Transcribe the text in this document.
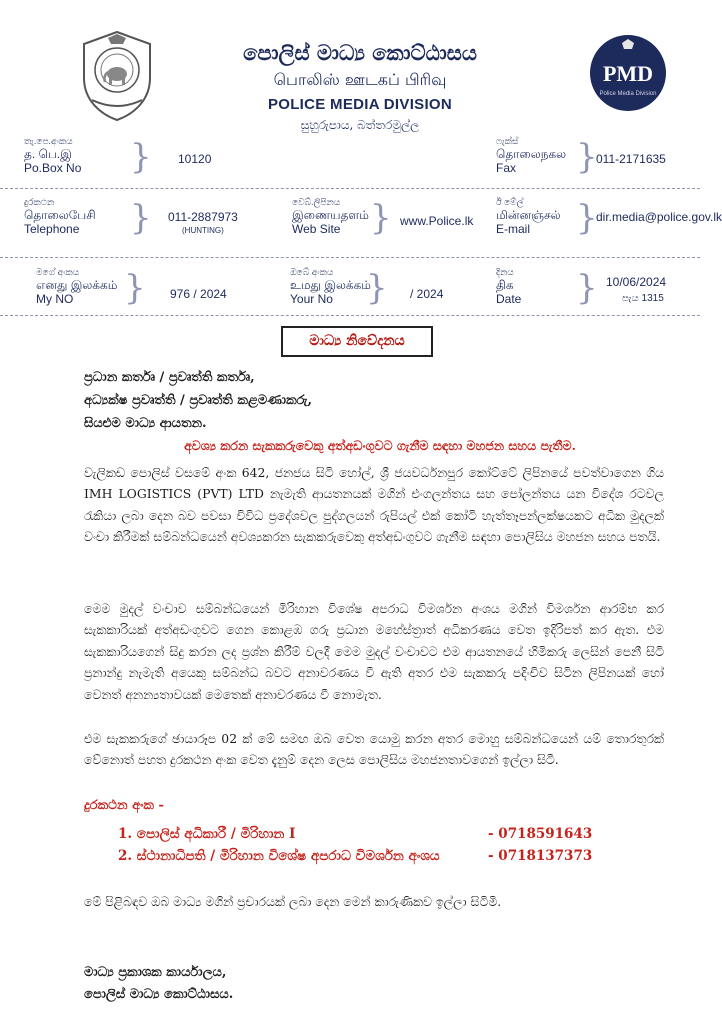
පොලිස් මාධ්‍ය කොට්ඨාසය
பொலிஸ் ஊடகப் பிரிவு
POLICE MEDIA DIVISION
සුහුරුපාය, බත්තරමුල්ල
PMD
Police Media Division
තැ.පෙ.අංකය
த. பெ.இ
Po.Box No } 10120
ෆැක්ස්
தொலைநகல
Fax	}
011-2171635
දුරකථන
தொலைபேசி
Telephone	} 011-2887973
(HUNTING)
වෙබ්.ලිපිනය
இணையதளம்
Web Site } www.Police.lk
ඊ මේල්
மின்னஞ்சல்
E-mail	}
dir.media@police.gov.lk
මගේ අංකය
எனது இலக்கம்
My NO	} 976 / 2024
ඔබේ අංකය
உமது இலக்கம்
Your No } / 2024
දිනය
திக
Date } 10/06/2024
පැය 1315
මාධ්‍ය නිවේදනය
ප්‍රධාන කර්තෘ / ප්‍රවෘත්ති කර්තෘ,
අධ්‍යක්ෂ ප්‍රවෘත්ති / ප්‍රවෘත්ති කළමණාකරු,
සියළුම මාධ්‍ය ආයතන.
අවශ්‍ය කරන සැකකරුවෙකු අත්අඩංගුවට ගැනීම සඳහා මහජන සහය පැතීම.
වැලිකඩ පොලිස් වසමේ අංක 642, ජනජය සිටි හෝල්, ශ්‍රී ජයවර්ධනපුර කෝට්ටේ ලිපිනයේ පවත්වාගෙන ගිය IMH LOGISTICS (PVT) LTD නැමැති ආයතනයක් මගින් එංගලන්තය සහ පෝලන්තය යන විදේශ රටවල රැකියා ලබා දෙන බව පවසා විවිධ ප්‍රදේශවල පුද්ගලයන් රුපියල් එක් කෝටි හැත්තෑපන්ලක්ෂයකට අධික මුදලක් වංචා කිරීමක් සම්බන්ධයෙන් අවශ්‍යකරන සැකකරුවෙකු අත්අඩංගුවට ගැනීම සඳහා පොලිසිය මහජන සහය පතයි.
මෙම මුදල් වංචාව සම්බන්ධයෙන් මිරිහාන විශේෂ අපරාධ විමර්ශන අංශය මගින් විමර්ශන ආරම්භ කර සැකකාරියක් අත්අඩංගුවට ගෙන කොළඹ ගරු ප්‍රධාන මහේස්ත්‍රාත් අධිකරණය වෙත ඉදිරිපත් කර ඇත. එම සැකකාරියගෙන් සිදු කරන ලද ප්‍රශ්න කිරීම් වලදී මෙම මුදල් වංචාවට එම ආයතනයේ හිමිකරු ලෙසින් පෙනී සිටි ප්‍රනාන්දු නැමැති අයෙකු සම්බන්ධ බවට අනාවරණය වී ඇති අතර එම සැකකරු පදිංචිව සිටින ලිපිනයක් හෝ වෙනත් අනන්‍යතාවයක් මෙතෙක් අනාවරණය වී නොමැත.
එම සැකකරුගේ ඡායාරූප 02 ක් මේ සමඟ ඔබ වෙත යොමු කරන අතර මොහු සම්බන්ධයෙන් යම් තොරතුරක් වේනොත් පහත දුරකථන අංක වෙත දැනුම් දෙන ලෙස පොලිසිය මහජනතාවගෙන් ඉල්ලා සිටී.
දුරකථන අංක -
1. පොලිස් අධිකාරී / මිරිහාන I	- 0718591643
2. ස්ථානාධිපති / මිරිහාන විශේෂ අපරාධ විමර්ශන අංශය	- 0718137373
මේ පිළිබඳව ඔබ මාධ්‍ය මගින් ප්‍රචාරයක් ලබා දෙන මෙන් කාරුණිකව ඉල්ලා සිටිමි.
මාධ්‍ය ප්‍රකාශක කාර්යාලය,
පොලිස් මාධ්‍ය කොට්ඨාසය.
